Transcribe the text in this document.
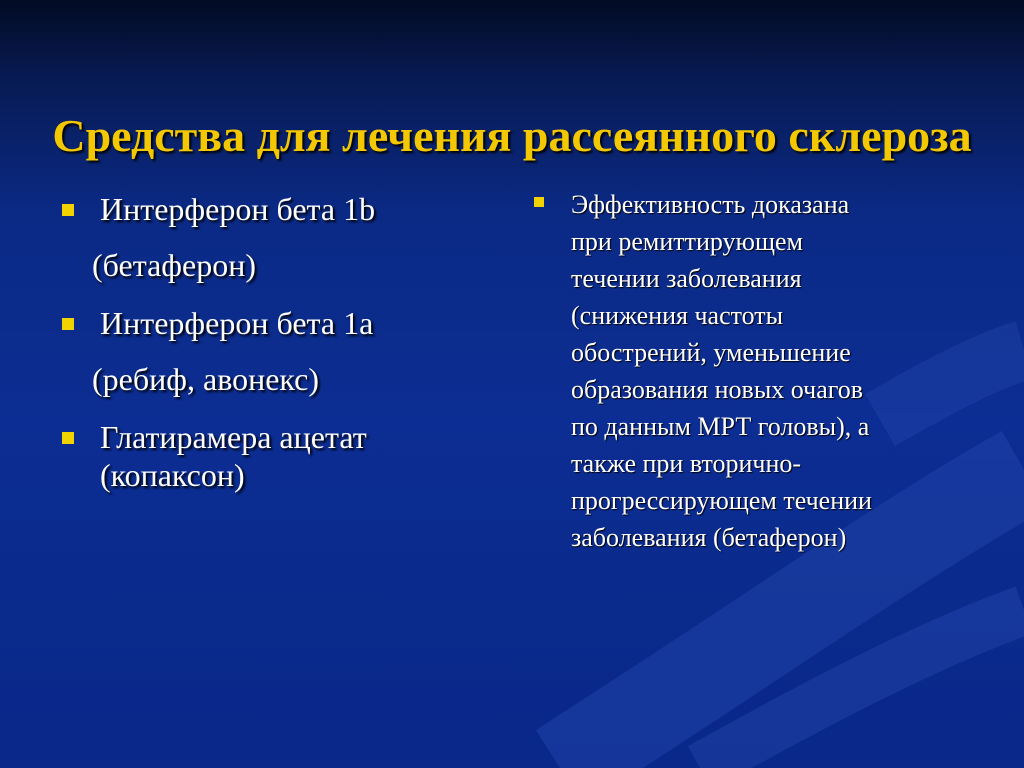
Средства для лечения рассеянного склероза
Интерферон бета 1b
(бетаферон)
Интерферон бета 1а
(ребиф, авонекс)
Глатирамера ацетат
(копаксон)
Эффективность доказана
при ремиттирующем
течении заболевания
(снижения частоты
обострений, уменьшение
образования новых очагов
по данным МРТ головы), а
также при вторично-
прогрессирующем течении
заболевания (бетаферон)
